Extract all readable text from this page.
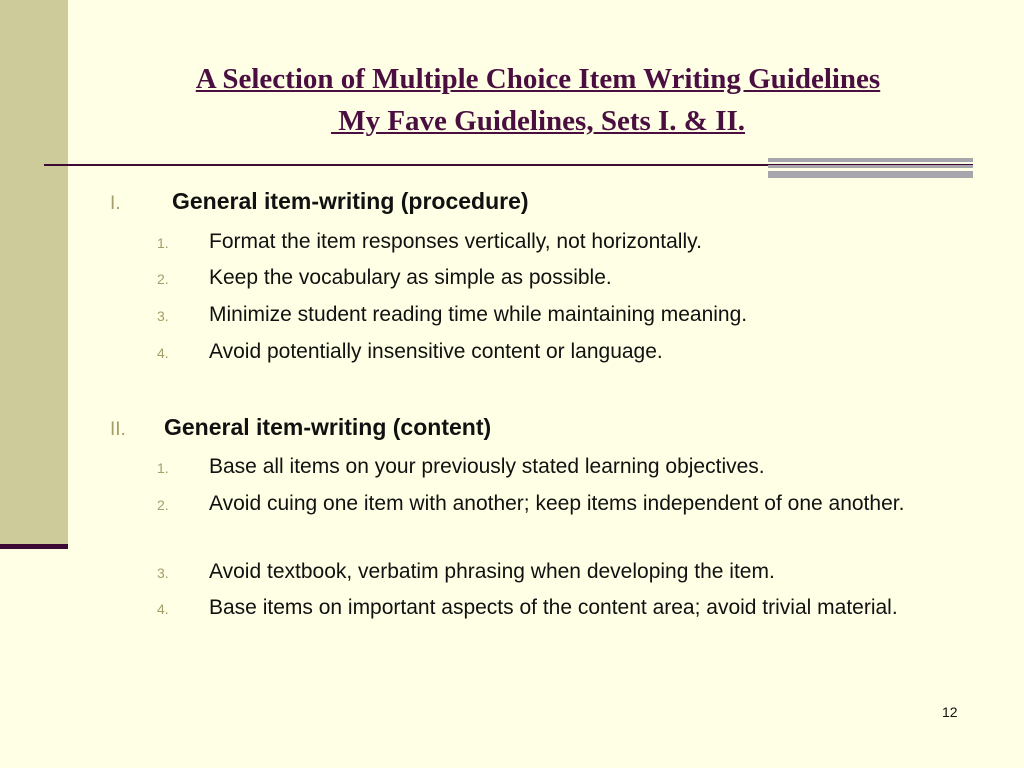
A Selection of Multiple Choice Item Writing Guidelines
My Fave Guidelines, Sets I. & II.
I. General item-writing (procedure)
1. Format the item responses vertically, not horizontally.
2. Keep the vocabulary as simple as possible.
3. Minimize student reading time while maintaining meaning.
4. Avoid potentially insensitive content or language.
II. General item-writing (content)
1. Base all items on your previously stated learning objectives.
2. Avoid cuing one item with another; keep items independent of one another.
3. Avoid textbook, verbatim phrasing when developing the item.
4. Base items on important aspects of the content area; avoid trivial material.
12
